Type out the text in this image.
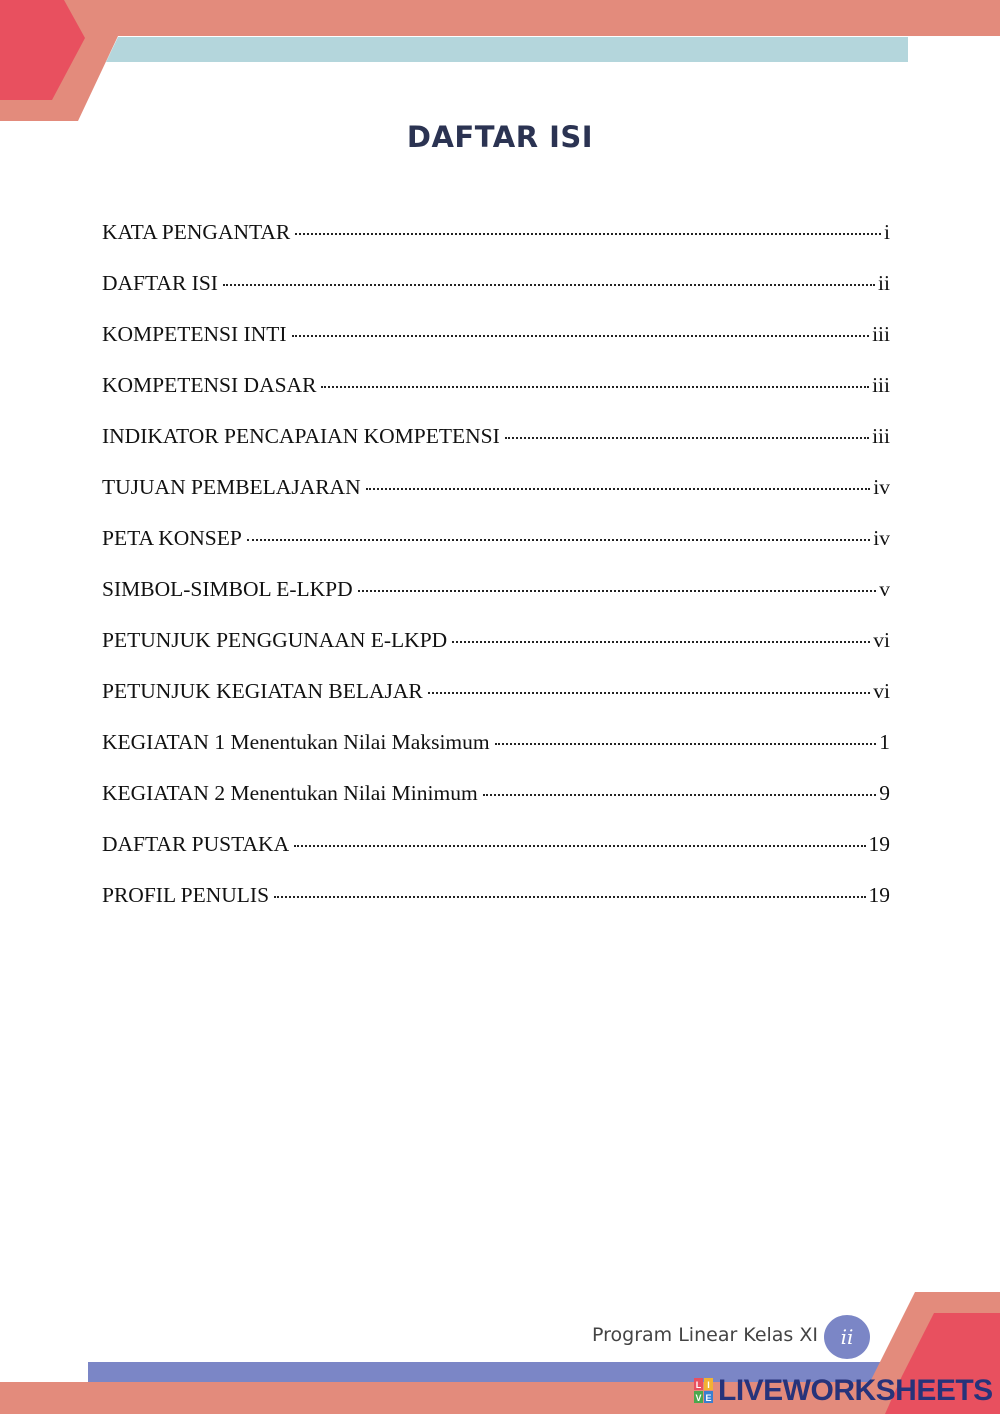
DAFTAR ISI
KATA PENGANTAR	i
DAFTAR ISI	ii
KOMPETENSI INTI	iii
KOMPETENSI DASAR	iii
INDIKATOR PENCAPAIAN KOMPETENSI	iii
TUJUAN PEMBELAJARAN	iv
PETA KONSEP	iv
SIMBOL-SIMBOL E-LKPD	v
PETUNJUK PENGGUNAAN E-LKPD	vi
PETUNJUK KEGIATAN BELAJAR	vi
KEGIATAN 1 Menentukan Nilai Maksimum	1
KEGIATAN 2 Menentukan Nilai Minimum	9
DAFTAR PUSTAKA	19
PROFIL PENULIS	19
Program Linear Kelas XI	ii
L I
V E LIVEWORKSHEETS
